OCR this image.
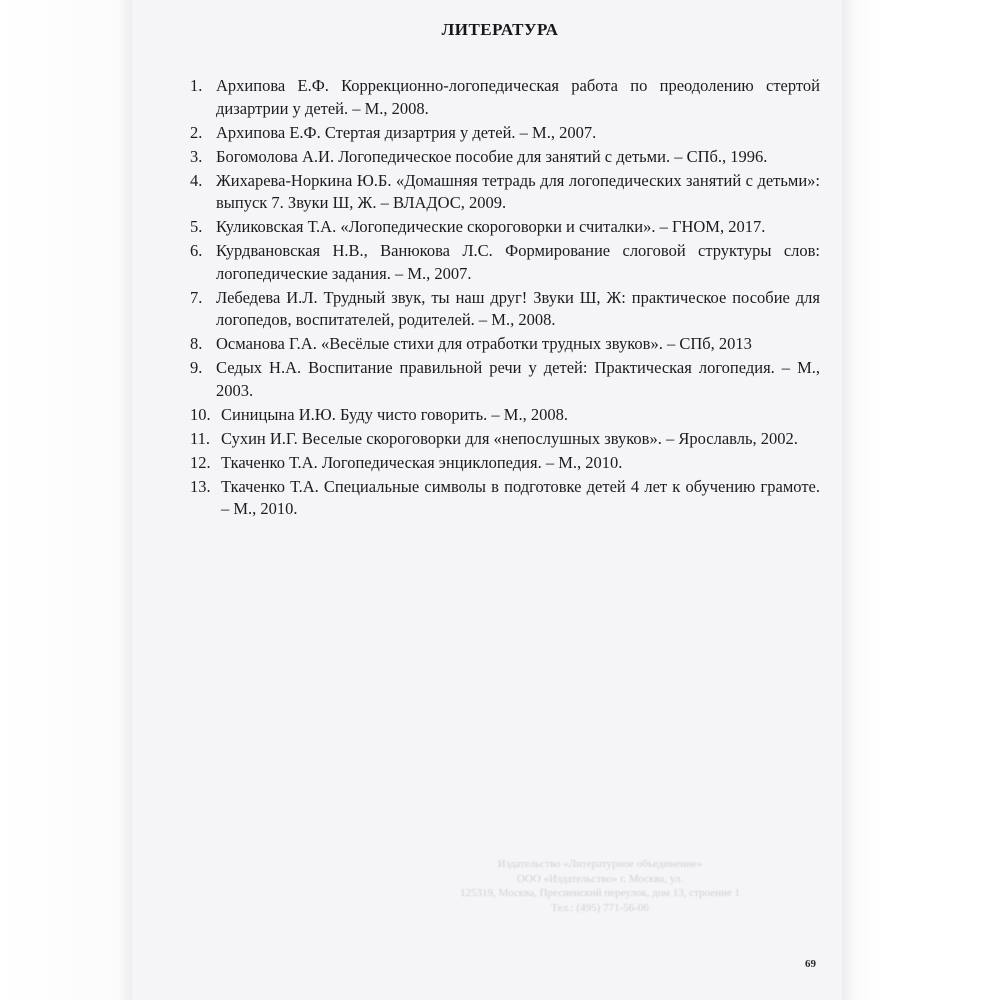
ЛИТЕРАТУРА
1. Архипова Е.Ф. Коррекционно-логопедическая работа по преодолению стертой дизартрии у детей. – М., 2008.
2. Архипова Е.Ф. Стертая дизартрия у детей. – М., 2007.
3. Богомолова А.И. Логопедическое пособие для занятий с детьми. – СПб., 1996.
4. Жихарева-Норкина Ю.Б. «Домашняя тетрадь для логопедических занятий с детьми»: выпуск 7. Звуки Ш, Ж. – ВЛАДОС, 2009.
5. Куликовская Т.А. «Логопедические скороговорки и считалки». – ГНОМ, 2017.
6. Курдвановская Н.В., Ванюкова Л.С. Формирование слоговой структуры слов: логопедические задания. – М., 2007.
7. Лебедева И.Л. Трудный звук, ты наш друг! Звуки Ш, Ж: практическое пособие для логопедов, воспитателей, родителей. – М., 2008.
8. Османова Г.А. «Весёлые стихи для отработки трудных звуков». – СПб, 2013
9. Седых Н.А. Воспитание правильной речи у детей: Практическая логопедия. – М., 2003.
10. Синицына И.Ю. Буду чисто говорить. – М., 2008.
11. Сухин И.Г. Веселые скороговорки для «непослушных звуков». – Ярославль, 2002.
12. Ткаченко Т.А. Логопедическая энциклопедия. – М., 2010.
13. Ткаченко Т.А. Специальные символы в подготовке детей 4 лет к обучению грамоте. – М., 2010.
Издательство «Литературное объединение»
ООО «Издательство» г. Москва, ул.
125319, Москва, Пресненский переулок, дом 13, строение 1
Тел.: (495) 771-56-06
69
